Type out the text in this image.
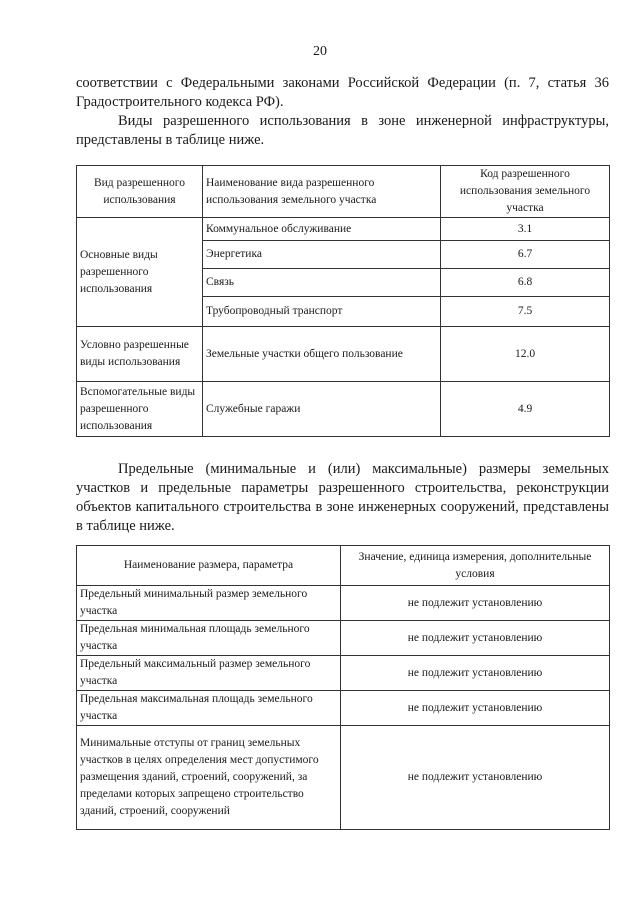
20

соответствии с Федеральными законами Российской Федерации (п. 7, статья 36 Градостроительного кодекса РФ).
Виды разрешенного использования в зоне инженерной инфраструктуры, представлены в таблице ниже.

Вид разрешенного использования	Наименование вида разрешенного использования земельного участка	Код разрешенного использования земельного участка
Основные виды разрешенного использования	Коммунальное обслуживание	3.1
	Энергетика	6.7
	Связь	6.8
	Трубопроводный транспорт	7.5
Условно разрешенные виды использования	Земельные участки общего пользование	12.0
Вспомогательные виды разрешенного использования	Служебные гаражи	4.9

Предельные (минимальные и (или) максимальные) размеры земельных участков и предельные параметры разрешенного строительства, реконструкции объектов капитального строительства в зоне инженерных сооружений, представлены в таблице ниже.

Наименование размера, параметра	Значение, единица измерения, дополнительные условия
Предельный минимальный размер земельного участка	не подлежит установлению
Предельная минимальная площадь земельного участка	не подлежит установлению
Предельный максимальный размер земельного участка	не подлежит установлению
Предельная максимальная площадь земельного участка	не подлежит установлению
Минимальные отступы от границ земельных участков в целях определения мест допустимого размещения зданий, строений, сооружений, за пределами которых запрещено строительство зданий, строений, сооружений	не подлежит установлению
